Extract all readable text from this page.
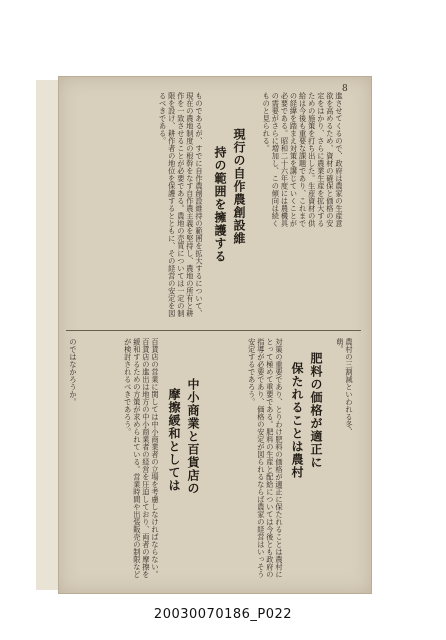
8
進させてくるので、政府は農家の生産意欲を高めるため、資材の確保と価格の安定をはかり、さらに農業生産を拡大するための施策を打ち出した。生産資材の供給は今後も重要な課題であり、これまでの経緯を踏まえ対策を講じていくことが必要である。昭和二十六年度には農機具の需要がさらに増加し、この傾向は続くものと見られる。
現行の自作農創設維
持の範囲を擁護する
ものであるが、すでに自作農創設維持の範囲を拡大するについて、現在の農地制度の根幹をなす自作農主義を堅持し、農地の所有と耕作を一致させることが必要である。農地の売買については一定の制限を設け、耕作者の地位を保護するとともに、その経営の安定を図るべきである。
農村の三割減といわれる冬、萌。
肥料の価格が適正に
保たれることは農村
対策の重要であり、とりわけ肥料の価格が適正に保たれることは農村にとって極めて重要である。肥料の生産と配給については今後とも政府の指導が必要であり、価格の安定が図られるならば農家の経営はいっそう安定するであろう。
中小商業と百貨店の
摩擦緩和としては
百貨店の営業に関しては中小商業者の立場を考慮しなければならない。百貨店の進出は地方の中小商業者の経営を圧迫しており、両者の摩擦を緩和するための方策が求められている。営業時間や出張販売の制限などが検討されるべきであろう。
のではなかろうか。
20030070186_P022
